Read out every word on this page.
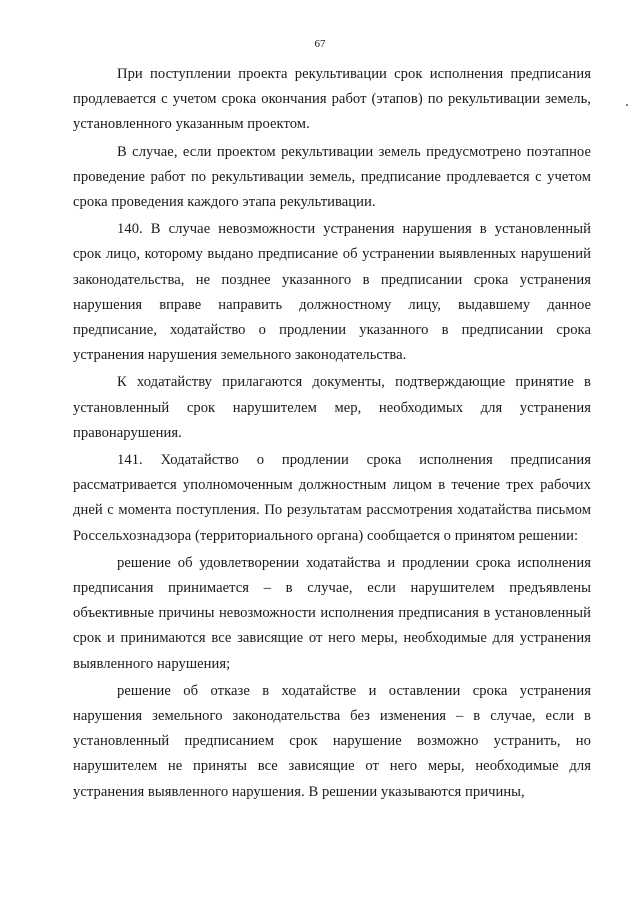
67

При поступлении проекта рекультивации срок исполнения предписания продлевается с учетом срока окончания работ (этапов) по рекультивации земель, установленного указанным проектом.

В случае, если проектом рекультивации земель предусмотрено поэтапное проведение работ по рекультивации земель, предписание продлевается с учетом срока проведения каждого этапа рекультивации.

140. В случае невозможности устранения нарушения в установленный срок лицо, которому выдано предписание об устранении выявленных нарушений законодательства, не позднее указанного в предписании срока устранения нарушения вправе направить должностному лицу, выдавшему данное предписание, ходатайство о продлении указанного в предписании срока устранения нарушения земельного законодательства.

К ходатайству прилагаются документы, подтверждающие принятие в установленный срок нарушителем мер, необходимых для устранения правонарушения.

141. Ходатайство о продлении срока исполнения предписания рассматривается уполномоченным должностным лицом в течение трех рабочих дней с момента поступления. По результатам рассмотрения ходатайства письмом Россельхознадзора (территориального органа) сообщается о принятом решении:

решение об удовлетворении ходатайства и продлении срока исполнения предписания принимается – в случае, если нарушителем предъявлены объективные причины невозможности исполнения предписания в установленный срок и принимаются все зависящие от него меры, необходимые для устранения выявленного нарушения;

решение об отказе в ходатайстве и оставлении срока устранения нарушения земельного законодательства без изменения – в случае, если в установленный предписанием срок нарушение возможно устранить, но нарушителем не приняты все зависящие от него меры, необходимые для устранения выявленного нарушения. В решении указываются причины,
